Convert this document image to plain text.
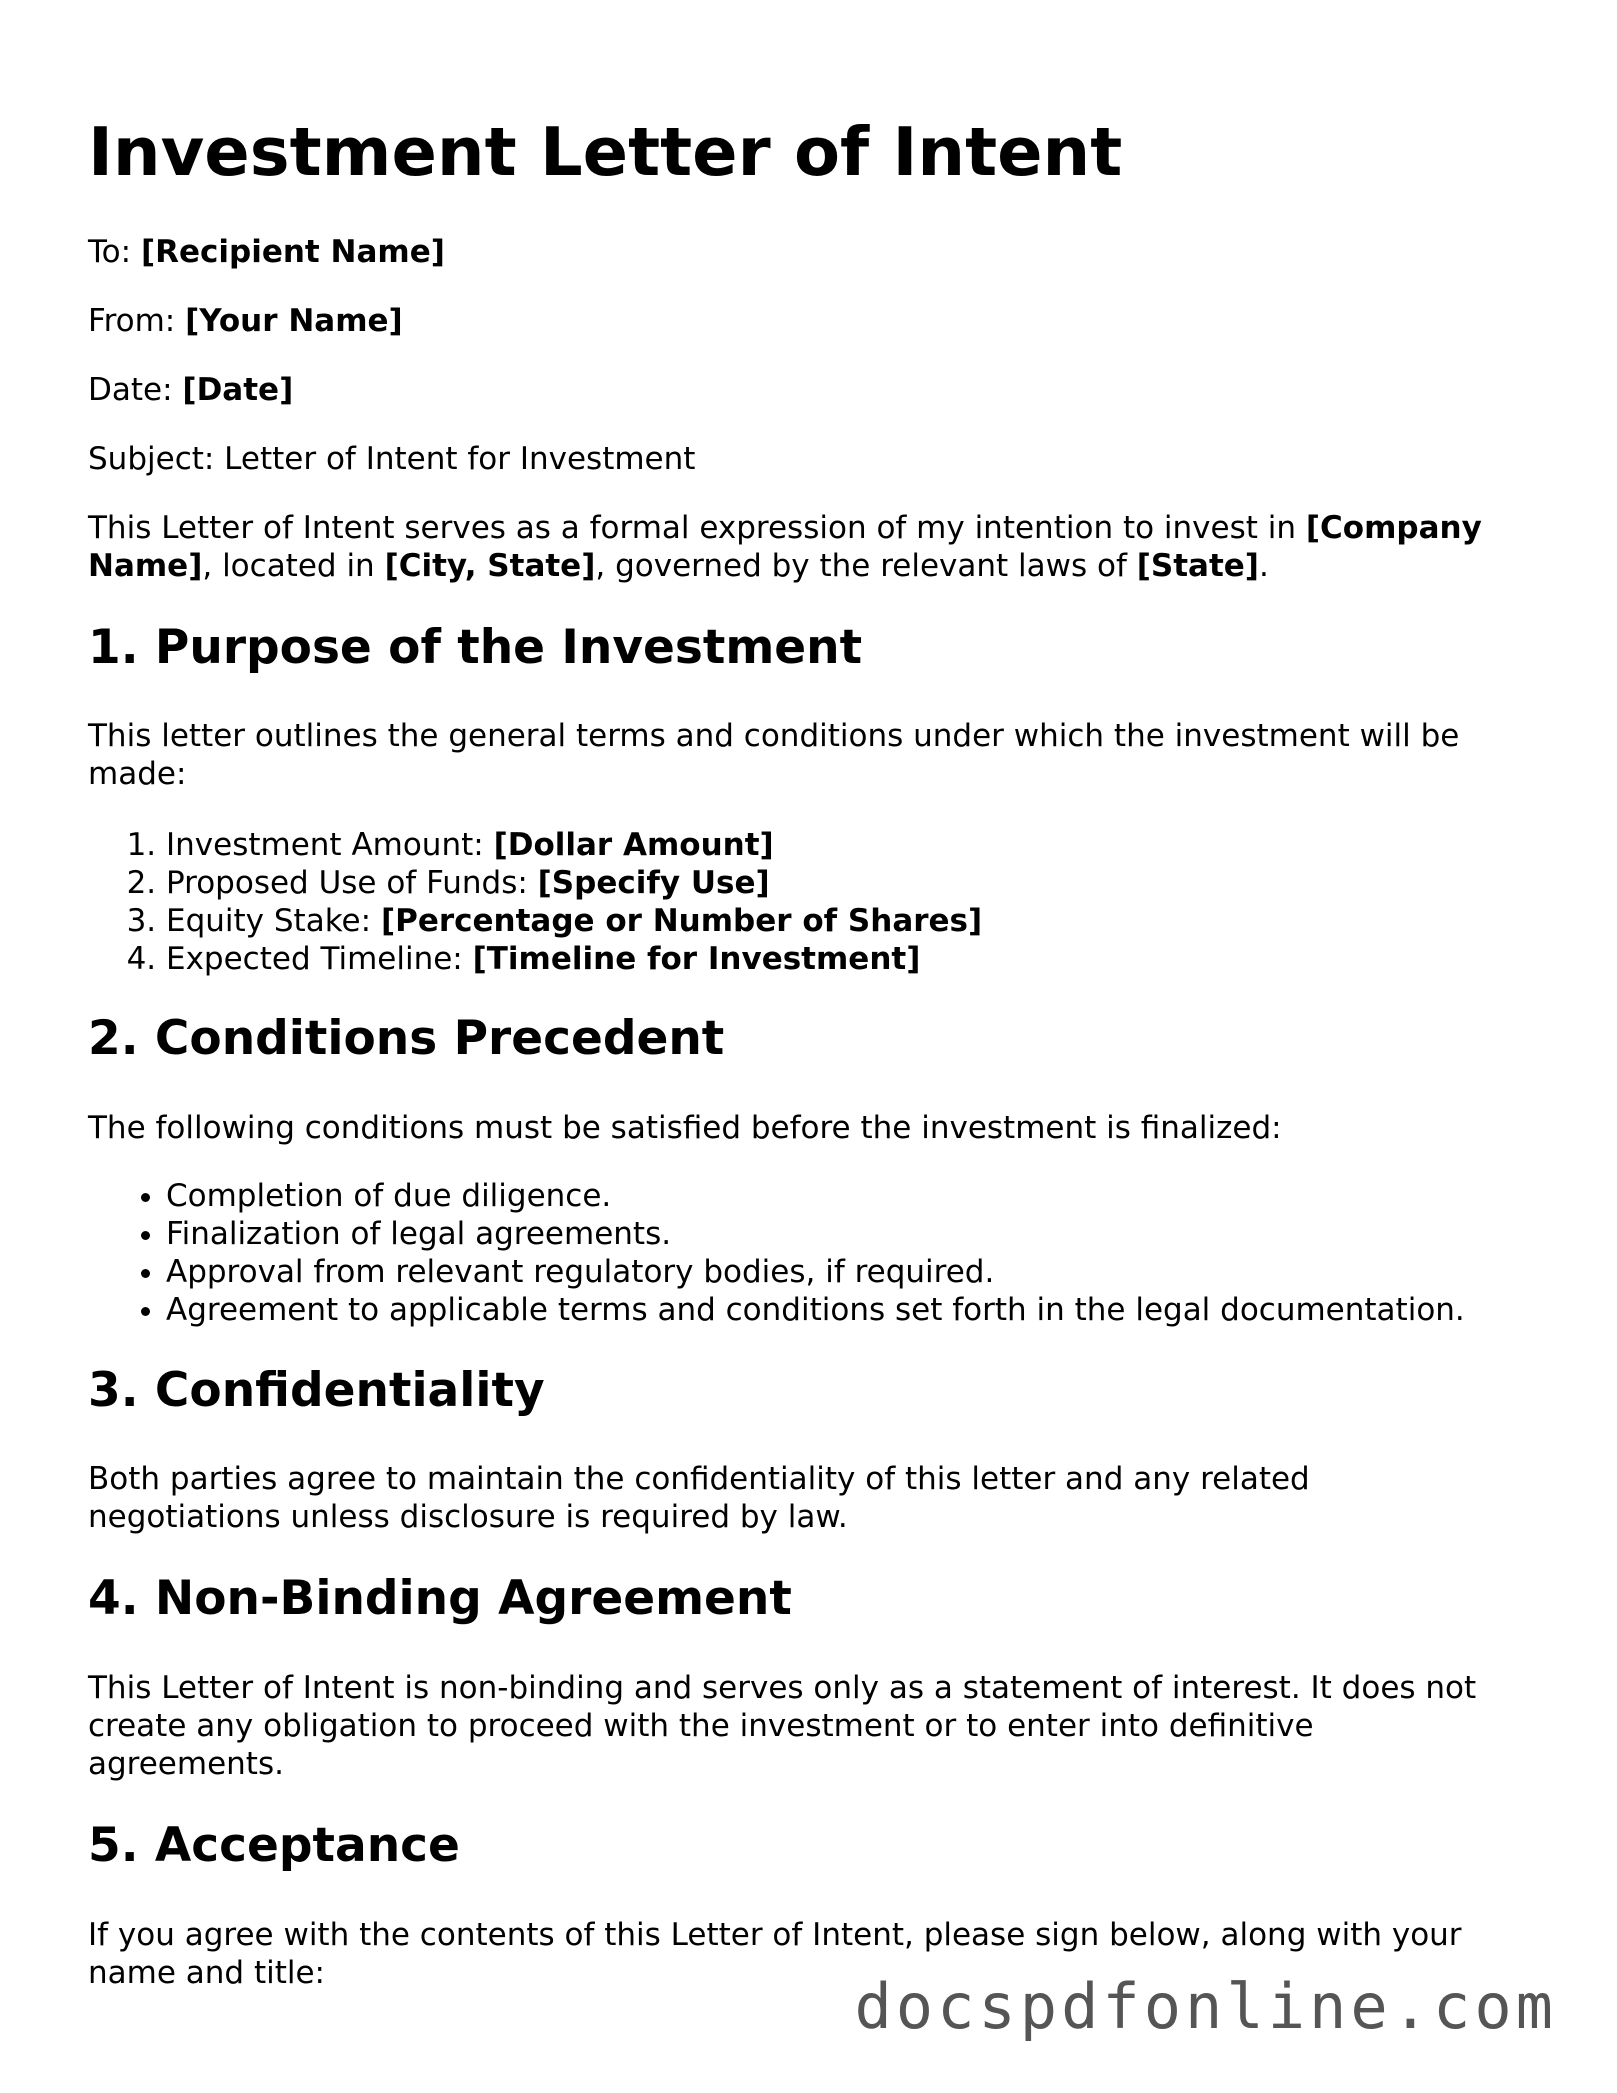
Investment Letter of Intent
To: [Recipient Name]
From: [Your Name]
Date: [Date]
Subject: Letter of Intent for Investment
This Letter of Intent serves as a formal expression of my intention to invest in [Company Name], located in [City, State], governed by the relevant laws of [State].
1. Purpose of the Investment
This letter outlines the general terms and conditions under which the investment will be made:
1. Investment Amount: [Dollar Amount]
2. Proposed Use of Funds: [Specify Use]
3. Equity Stake: [Percentage or Number of Shares]
4. Expected Timeline: [Timeline for Investment]
2. Conditions Precedent
The following conditions must be satisfied before the investment is finalized:
• Completion of due diligence.
• Finalization of legal agreements.
• Approval from relevant regulatory bodies, if required.
• Agreement to applicable terms and conditions set forth in the legal documentation.
3. Confidentiality
Both parties agree to maintain the confidentiality of this letter and any related negotiations unless disclosure is required by law.
4. Non-Binding Agreement
This Letter of Intent is non-binding and serves only as a statement of interest. It does not create any obligation to proceed with the investment or to enter into definitive agreements.
5. Acceptance
If you agree with the contents of this Letter of Intent, please sign below, along with your name and title:	docspdfonline.com
